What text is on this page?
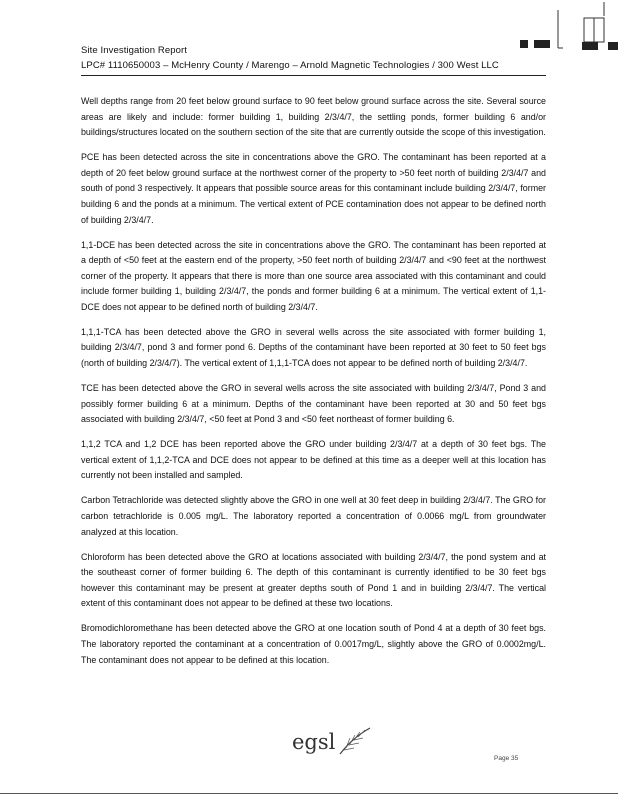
Site Investigation Report
LPC# 1110650003 – McHenry County / Marengo – Arnold Magnetic Technologies / 300 West LLC

Well depths range from 20 feet below ground surface to 90 feet below ground surface across the site. Several source areas are likely and include: former building 1, building 2/3/4/7, the settling ponds, former building 6 and/or buildings/structures located on the southern section of the site that are currently outside the scope of this investigation.

PCE has been detected across the site in concentrations above the GRO. The contaminant has been reported at a depth of 20 feet below ground surface at the northwest corner of the property to >50 feet north of building 2/3/4/7 and south of pond 3 respectively. It appears that possible source areas for this contaminant include building 2/3/4/7, former building 6 and the ponds at a minimum. The vertical extent of PCE contamination does not appear to be defined north of building 2/3/4/7.

1,1-DCE has been detected across the site in concentrations above the GRO. The contaminant has been reported at a depth of <50 feet at the eastern end of the property, >50 feet north of building 2/3/4/7 and <90 feet at the northwest corner of the property. It appears that there is more than one source area associated with this contaminant and could include former building 1, building 2/3/4/7, the ponds and former building 6 at a minimum. The vertical extent of 1,1-DCE does not appear to be defined north of building 2/3/4/7.

1,1,1-TCA has been detected above the GRO in several wells across the site associated with former building 1, building 2/3/4/7, pond 3 and former pond 6. Depths of the contaminant have been reported at 30 feet to 50 feet bgs (north of building 2/3/4/7). The vertical extent of 1,1,1-TCA does not appear to be defined north of building 2/3/4/7.

TCE has been detected above the GRO in several wells across the site associated with building 2/3/4/7, Pond 3 and possibly former building 6 at a minimum. Depths of the contaminant have been reported at 30 and 50 feet bgs associated with building 2/3/4/7, <50 feet at Pond 3 and <50 feet northeast of former building 6.

1,1,2 TCA and 1,2 DCE has been reported above the GRO under building 2/3/4/7 at a depth of 30 feet bgs. The vertical extent of 1,1,2-TCA and DCE does not appear to be defined at this time as a deeper well at this location has currently not been installed and sampled.

Carbon Tetrachloride was detected slightly above the GRO in one well at 30 feet deep in building 2/3/4/7. The GRO for carbon tetrachloride is 0.005 mg/L. The laboratory reported a concentration of 0.0066 mg/L from groundwater analyzed at this location.

Chloroform has been detected above the GRO at locations associated with building 2/3/4/7, the pond system and at the southeast corner of former building 6. The depth of this contaminant is currently identified to be 30 feet bgs however this contaminant may be present at greater depths south of Pond 1 and in building 2/3/4/7. The vertical extent of this contaminant does not appear to be defined at these two locations.

Bromodichloromethane has been detected above the GRO at one location south of Pond 4 at a depth of 30 feet bgs. The laboratory reported the contaminant at a concentration of 0.0017mg/L, slightly above the GRO of 0.0002mg/L. The contaminant does not appear to be defined at this location.

egsl
Page 35
